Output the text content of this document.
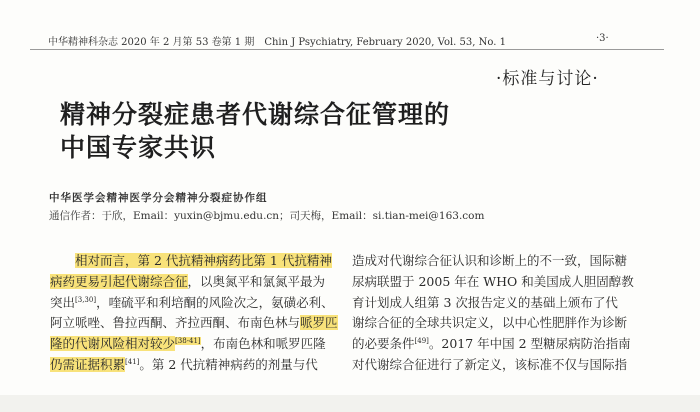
中华精神科杂志 2020 年 2 月第 53 卷第 1 期　Chin J Psychiatry, February 2020, Vol. 53, No. 1	·3·
·标准与讨论·
精神分裂症患者代谢综合征管理的
中国专家共识
中华医学会精神医学分会精神分裂症协作组
通信作者：于欣，Email：yuxin@bjmu.edu.cn；司天梅，Email：si.tian-mei@163.com
　　相对而言，第 2 代抗精神病药比第 1 代抗精神
病药更易引起代谢综合征，以奥氮平和氯氮平最为
突出[3,30]，喹硫平和利培酮的风险次之，氨磺必利、
阿立哌唑、鲁拉西酮、齐拉西酮、布南色林与哌罗匹
隆的代谢风险相对较少[38-41]，布南色林和哌罗匹隆
仍需证据积累[41]。第 2 代抗精神病药的剂量与代
造成对代谢综合征认识和诊断上的不一致，国际糖
尿病联盟于 2005 年在 WHO 和美国成人胆固醇教
育计划成人组第 3 次报告定义的基础上颁布了代
谢综合征的全球共识定义，以中心性肥胖作为诊断
的必要条件[49]。2017 年中国 2 型糖尿病防治指南
对代谢综合征进行了新定义，该标准不仅与国际指
